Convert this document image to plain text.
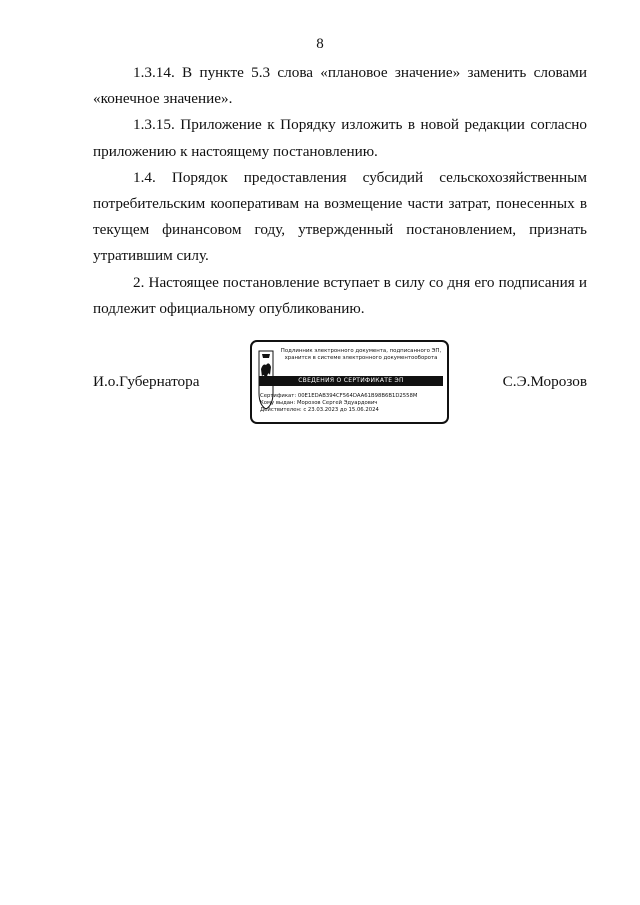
8

1.3.14. В пункте 5.3 слова «плановое значение» заменить словами «конечное значение».

1.3.15. Приложение к Порядку изложить в новой редакции согласно приложению к настоящему постановлению.

1.4. Порядок предоставления субсидий сельскохозяйственным потребительским кооперативам на возмещение части затрат, понесенных в текущем финансовом году, утвержденный постановлением, признать утратившим силу.

2. Настоящее постановление вступает в силу со дня его подписания и подлежит официальному опубликованию.

И.о.Губернатора
Подлинник электронного документа, подписанного ЭП, хранится в системе электронного документооборота
СВЕДЕНИЯ О СЕРТИФИКАТЕ ЭП
Сертификат: 00E1EDAB394CF564DAA61B98B6B1D2558M
Кому выдан: Морозов Сергей Эдуардович
Действителен: с 23.03.2023 до 15.06.2024
С.Э.Морозов
